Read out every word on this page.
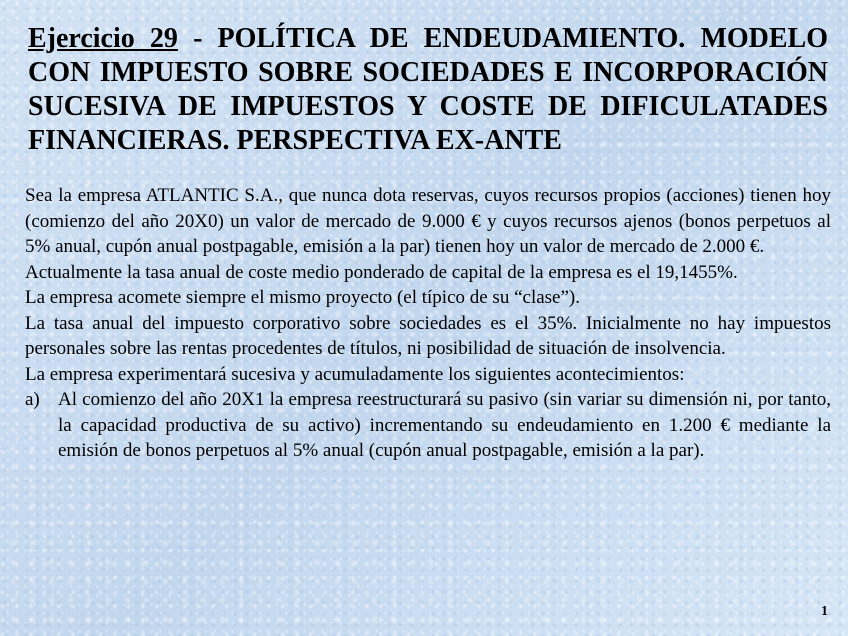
Ejercicio 29 - POLÍTICA DE ENDEUDAMIENTO. MODELO CON IMPUESTO SOBRE SOCIEDADES E INCORPORACIÓN SUCESIVA DE IMPUESTOS Y COSTE DE DIFICULATADES FINANCIERAS. PERSPECTIVA EX-ANTE

Sea la empresa ATLANTIC S.A., que nunca dota reservas, cuyos recursos propios (acciones) tienen hoy (comienzo del año 20X0) un valor de mercado de 9.000 € y cuyos recursos ajenos (bonos perpetuos al 5% anual, cupón anual postpagable, emisión a la par) tienen hoy un valor de mercado de 2.000 €.

Actualmente la tasa anual de coste medio ponderado de capital de la empresa es el 19,1455%.

La empresa acomete siempre el mismo proyecto (el típico de su “clase”).

La tasa anual del impuesto corporativo sobre sociedades es el 35%. Inicialmente no hay impuestos personales sobre las rentas procedentes de títulos, ni posibilidad de situación de insolvencia.

La empresa experimentará sucesiva y acumuladamente los siguientes acontecimientos:

a) Al comienzo del año 20X1 la empresa reestructurará su pasivo (sin variar su dimensión ni, por tanto, la capacidad productiva de su activo) incrementando su endeudamiento en 1.200 € mediante la emisión de bonos perpetuos al 5% anual (cupón anual postpagable, emisión a la par).
1
